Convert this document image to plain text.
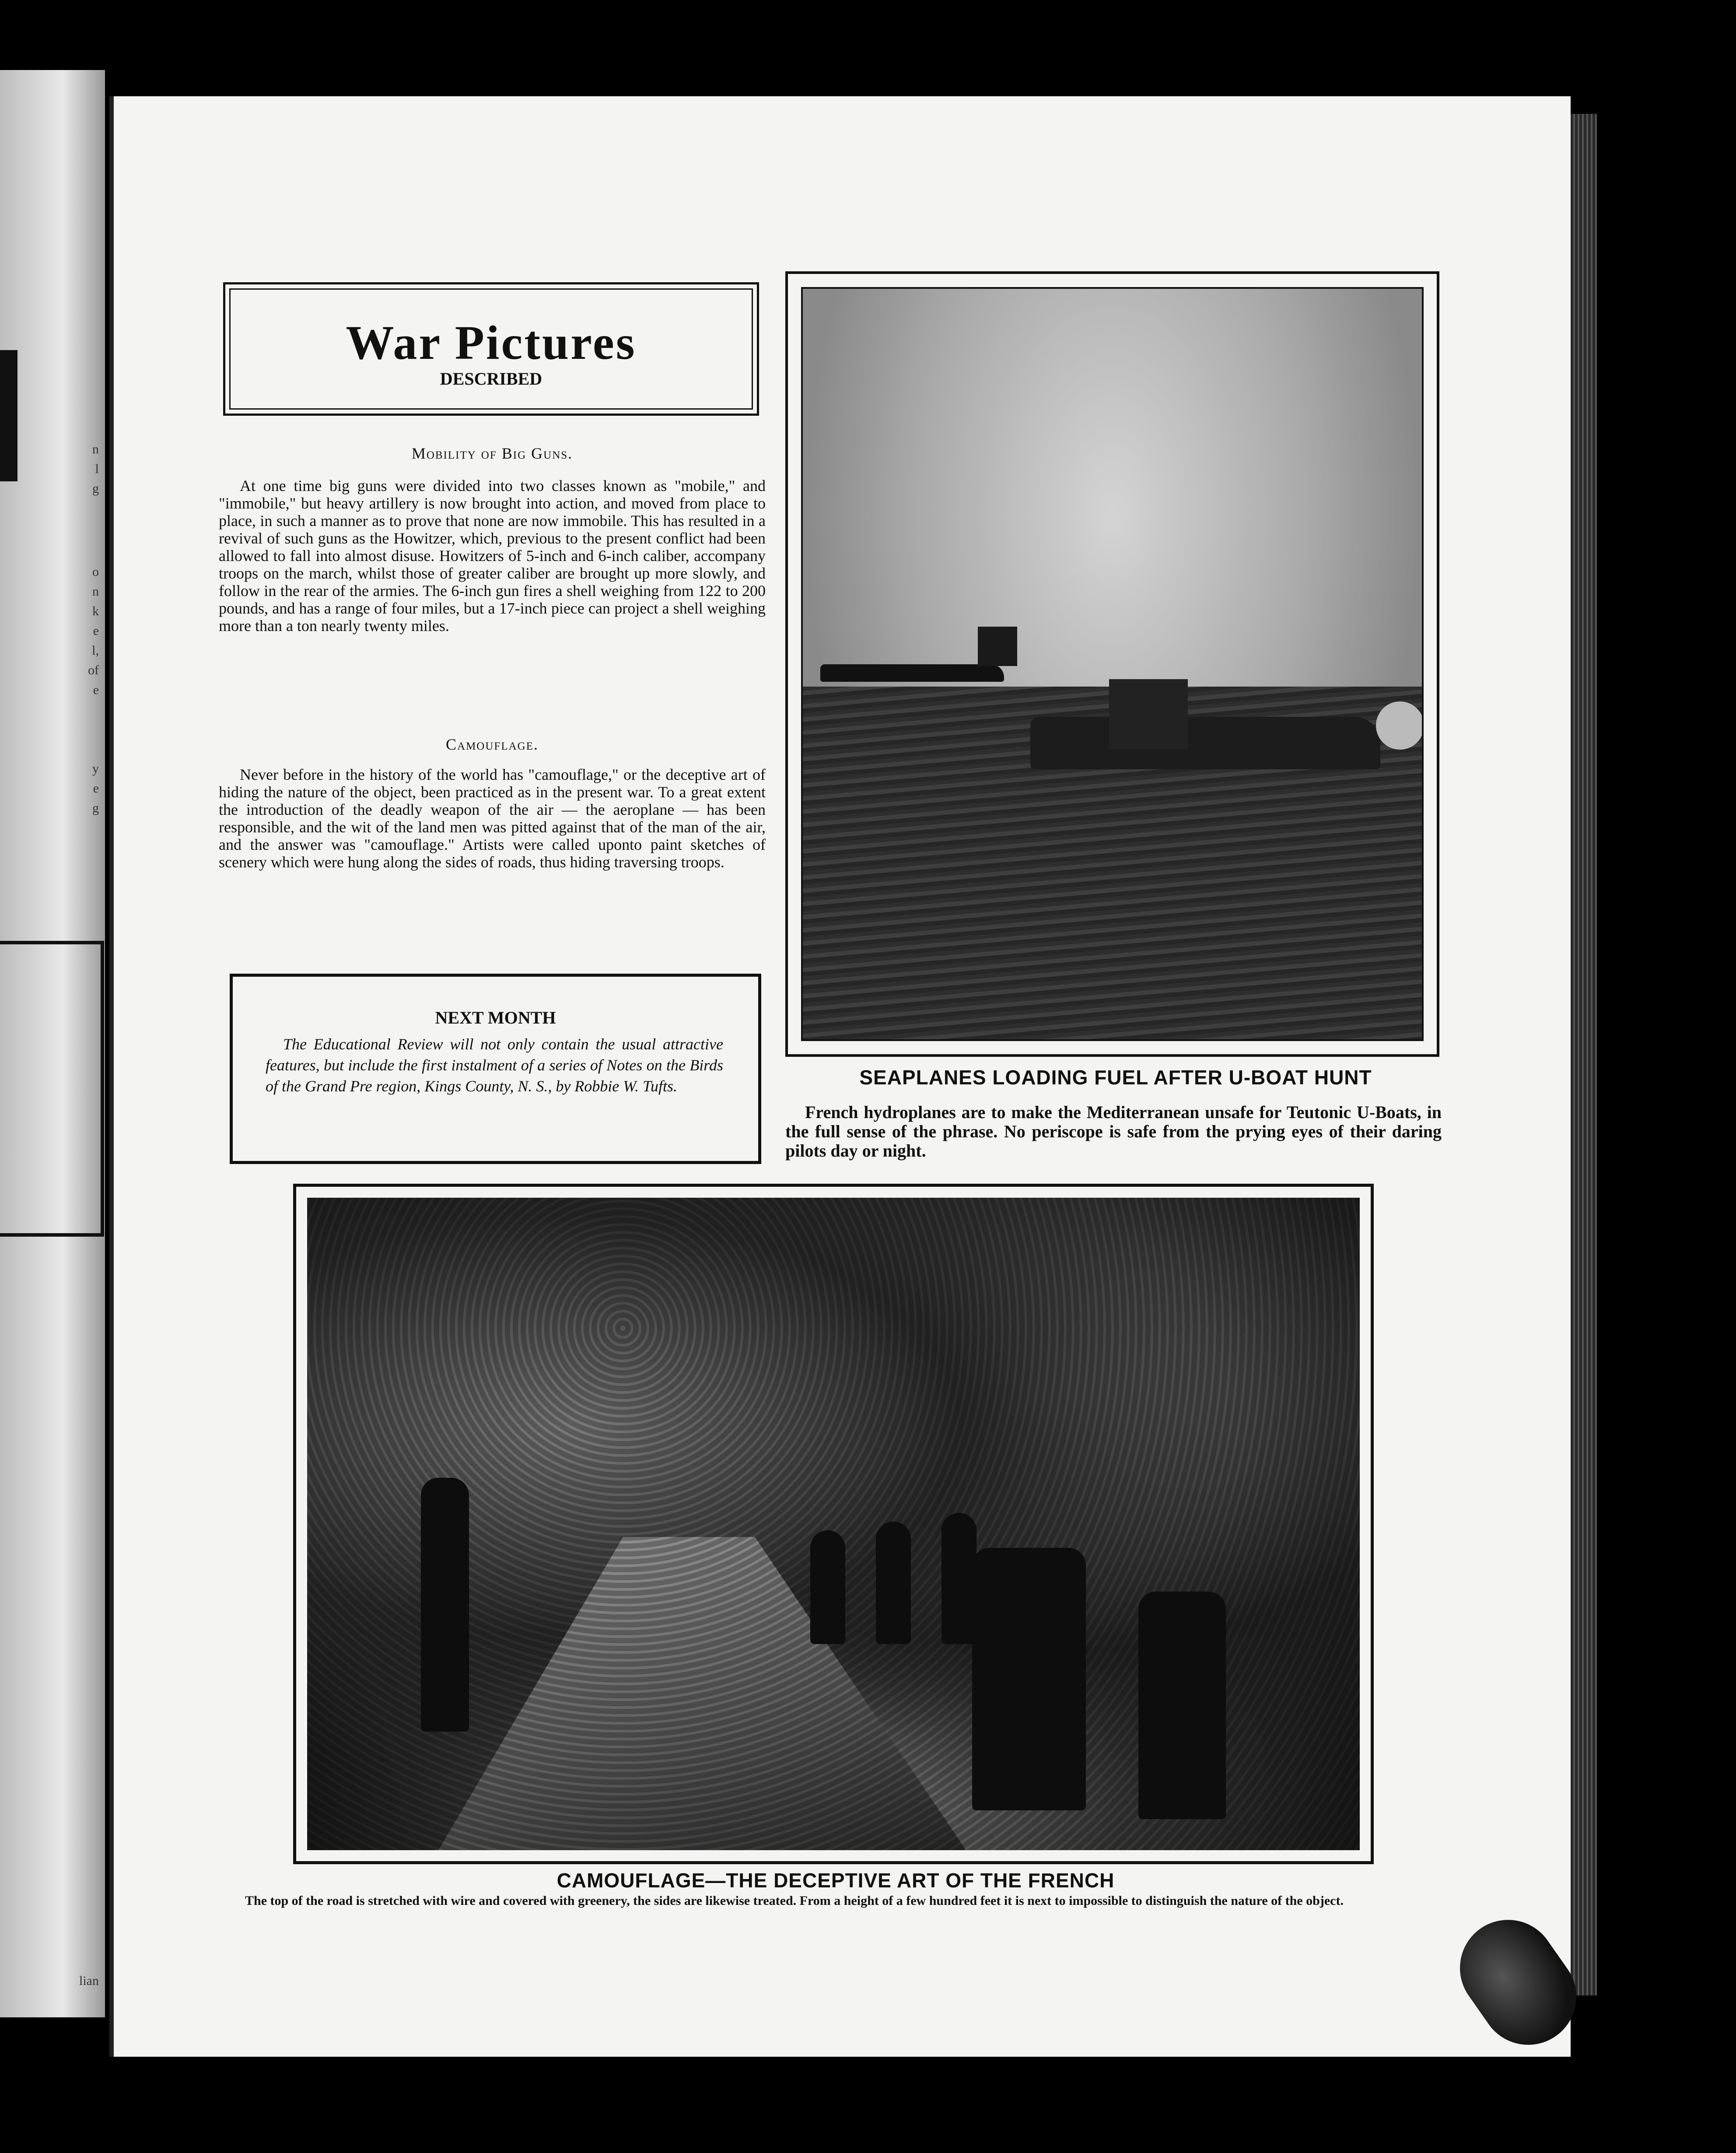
n
l
g
o
n
k
e
l,
of
e
y
e
g
lian
War Pictures
DESCRIBED
Mobility of Big Guns.
At one time big guns were divided into two classes known as "mobile," and "immobile," but heavy artillery is now brought into action, and moved from place to place, in such a manner as to prove that none are now immobile. This has resulted in a revival of such guns as the Howitzer, which, previous to the present conflict had been allowed to fall into almost disuse. Howitzers of 5-inch and 6-inch caliber, accompany troops on the march, whilst those of greater caliber are brought up more slowly, and follow in the rear of the armies. The 6-inch gun fires a shell weighing from 122 to 200 pounds, and has a range of four miles, but a 17-inch piece can project a shell weighing more than a ton nearly twenty miles.
Camouflage.
Never before in the history of the world has "camouflage," or the deceptive art of hiding the nature of the object, been practiced as in the present war. To a great extent the introduction of the deadly weapon of the air — the aeroplane — has been responsible, and the wit of the land men was pitted against that of the man of the air, and the answer was "camouflage." Artists were called uponto paint sketches of scenery which were hung along the sides of roads, thus hiding traversing troops.
NEXT MONTH
The Educational Review will not only contain the usual attractive features, but include the first instalment of a series of Notes on the Birds of the Grand Pre region, Kings County, N. S., by Robbie W. Tufts.	SEAPLANES LOADING FUEL AFTER U-BOAT HUNT
French hydroplanes are to make the Mediterranean unsafe for Teutonic U-Boats, in the full sense of the phrase. No periscope is safe from the prying eyes of their daring pilots day or night.
CAMOUFLAGE—THE DECEPTIVE ART OF THE FRENCH
The top of the road is stretched with wire and covered with greenery, the sides are likewise treated. From a height of a few hundred feet it is next to impossible to distinguish the nature of the object.
